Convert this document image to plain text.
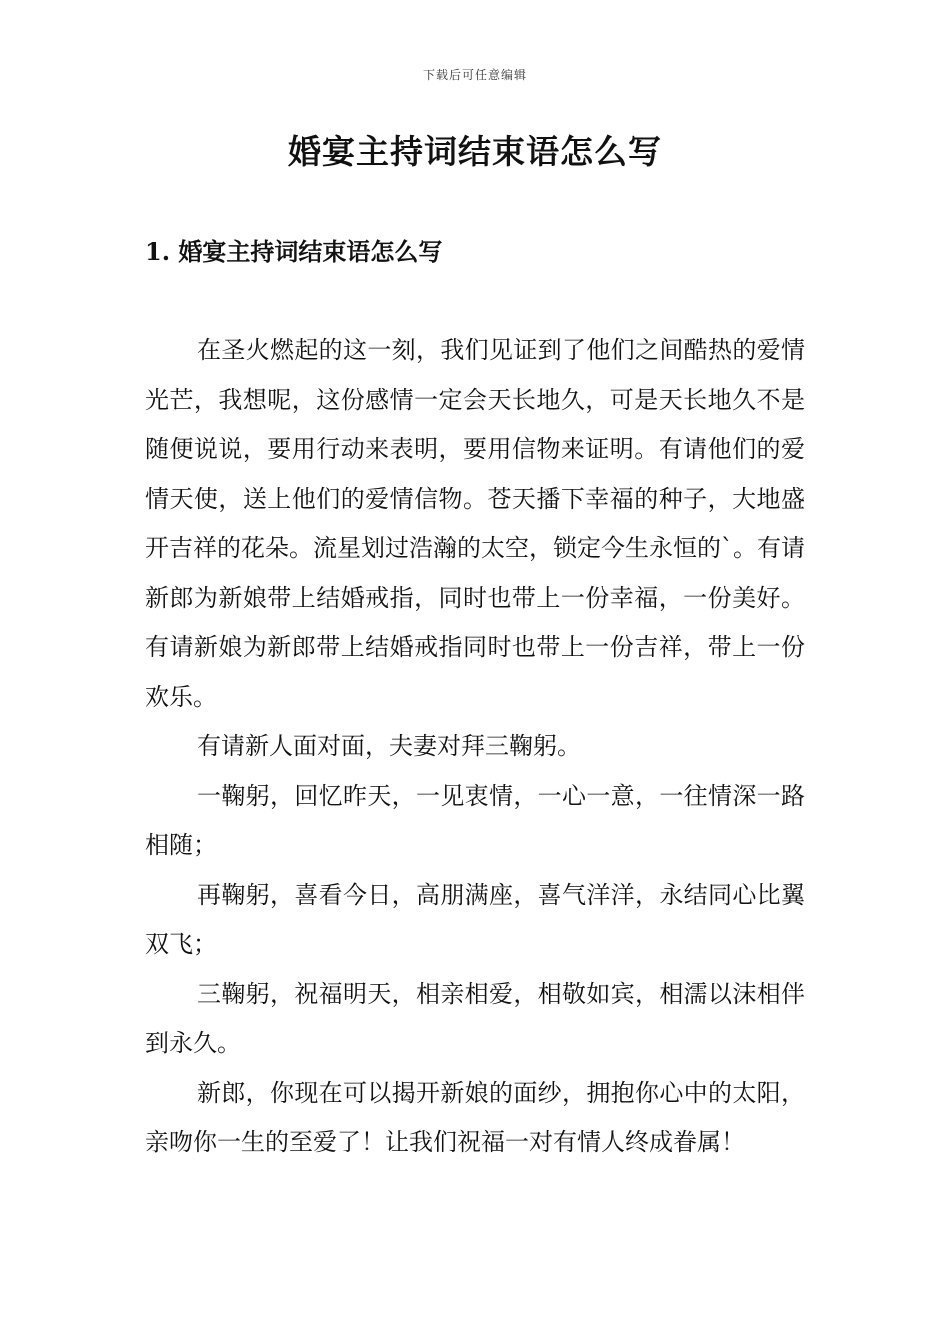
下载后可任意编辑
婚宴主持词结束语怎么写
1. 婚宴主持词结束语怎么写

在圣火燃起的这一刻，我们见证到了他们之间酷热的爱情光芒，我想呢，这份感情一定会天长地久，可是天长地久不是随便说说，要用行动来表明，要用信物来证明。有请他们的爱情天使，送上他们的爱情信物。苍天播下幸福的种子，大地盛开吉祥的花朵。流星划过浩瀚的太空，锁定今生永恒的`。有请新郎为新娘带上结婚戒指，同时也带上一份幸福，一份美好。有请新娘为新郎带上结婚戒指同时也带上一份吉祥，带上一份欢乐。

有请新人面对面，夫妻对拜三鞠躬。

一鞠躬，回忆昨天，一见衷情，一心一意，一往情深一路相随；

再鞠躬，喜看今日，高朋满座，喜气洋洋，永结同心比翼双飞；

三鞠躬，祝福明天，相亲相爱，相敬如宾，相濡以沫相伴到永久。

新郎，你现在可以揭开新娘的面纱，拥抱你心中的太阳，亲吻你一生的至爱了！让我们祝福一对有情人终成眷属！
